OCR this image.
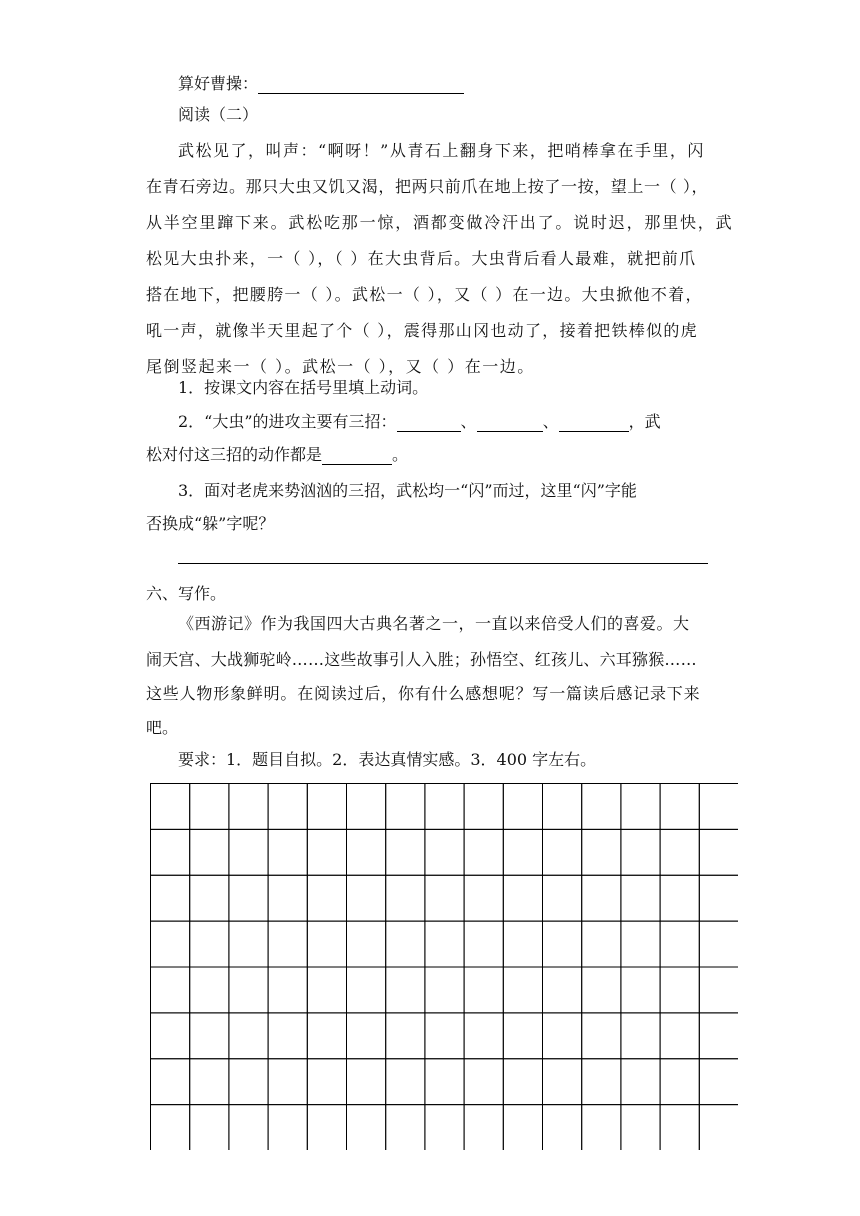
算好曹操：
阅读（二）
武松见了，叫声：“啊呀！”从青石上翻身下来，把哨棒拿在手里，闪
在青石旁边。那只大虫又饥又渴，把两只前爪在地上按了一按，望上一（ ），
从半空里蹿下来。武松吃那一惊，酒都变做冷汗出了。说时迟，那里快，武
松见大虫扑来，一（ ），（ ）在大虫背后。大虫背后看人最难，就把前爪
搭在地下，把腰胯一（ ）。武松一（ ），又（ ）在一边。大虫掀他不着，
吼一声，就像半天里起了个（ ），震得那山冈也动了，接着把铁棒似的虎
尾倒竖起来一（ ）。武松一（ ），又（ ）在一边。
1．按课文内容在括号里填上动词。
2．“大虫”的进攻主要有三招：	、	、	，武
松对付这三招的动作都是	。
3．面对老虎来势汹汹的三招，武松均一“闪”而过，这里“闪”字能
否换成“躲”字呢？
六、写作。
《西游记》作为我国四大古典名著之一，一直以来倍受人们的喜爱。大
闹天宫、大战狮驼岭……这些故事引人入胜；孙悟空、红孩儿、六耳猕猴……
这些人物形象鲜明。在阅读过后，你有什么感想呢？写一篇读后感记录下来
吧。
要求：1．题目自拟。2．表达真情实感。3．400 字左右。
